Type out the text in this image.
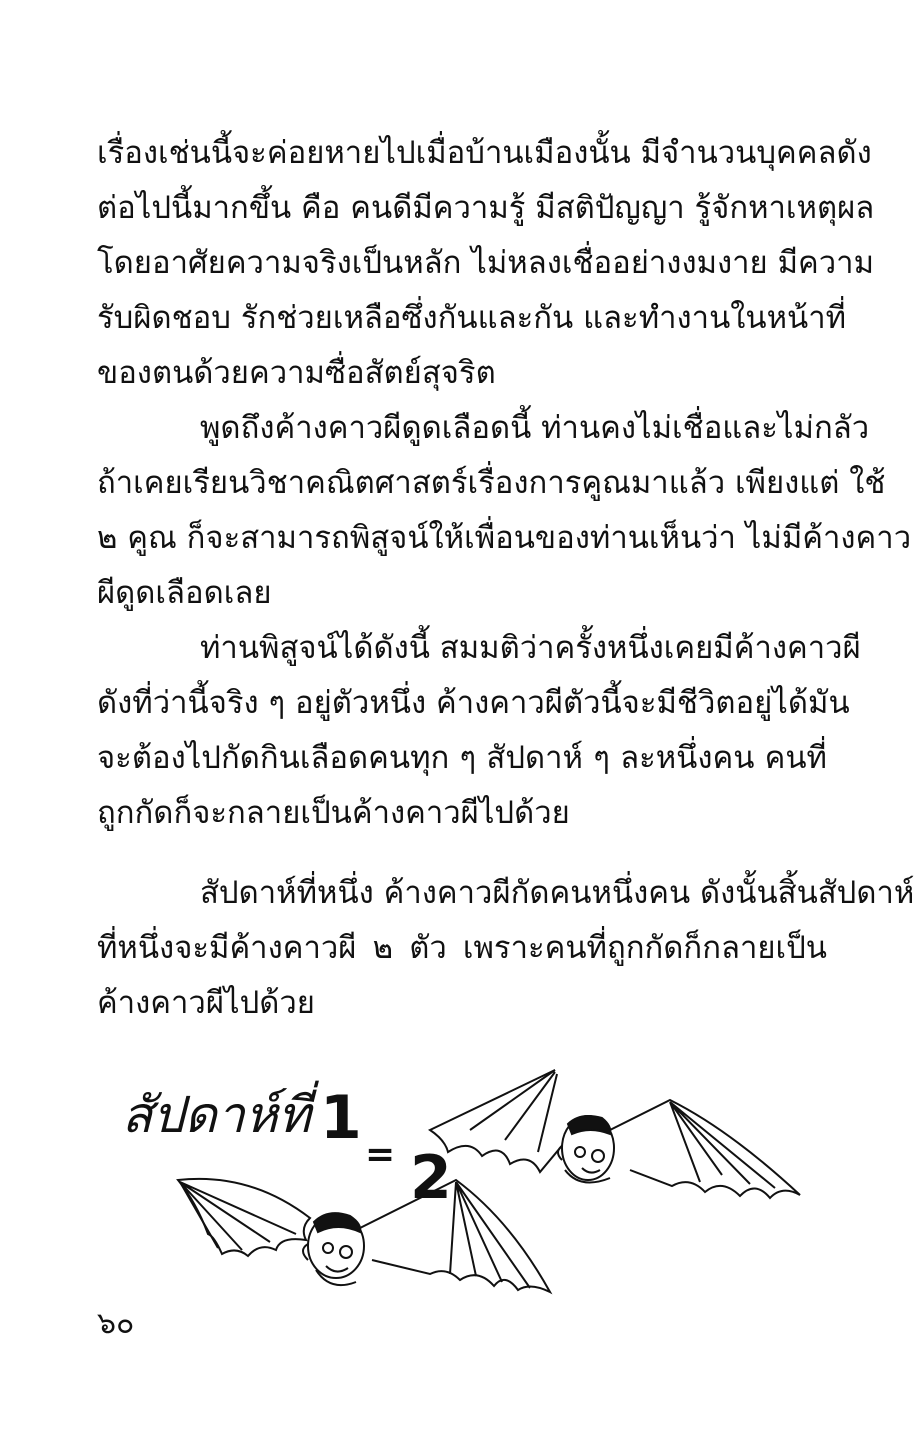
เรื่องเช่นนี้จะค่อยหายไปเมื่อบ้านเมืองนั้น มีจำนวนบุคคลดัง
ต่อไปนี้มากขึ้น คือ คนดีมีความรู้ มีสติปัญญา รู้จักหาเหตุผล
โดยอาศัยความจริงเป็นหลัก ไม่หลงเชื่ออย่างงมงาย มีความ
รับผิดชอบ รักช่วยเหลือซึ่งกันและกัน และทำงานในหน้าที่
ของตนด้วยความซื่อสัตย์สุจริต
พูดถึงค้างคาวผีดูดเลือดนี้ ท่านคงไม่เชื่อและไม่กลัว
ถ้าเคยเรียนวิชาคณิตศาสตร์เรื่องการคูณมาแล้ว เพียงแต่ ใช้
๒ คูณ ก็จะสามารถพิสูจน์ให้เพื่อนของท่านเห็นว่า ไม่มีค้างคาว
ผีดูดเลือดเลย
ท่านพิสูจน์ได้ดังนี้ สมมติว่าครั้งหนึ่งเคยมีค้างคาวผี
ดังที่ว่านี้จริง ๆ อยู่ตัวหนึ่ง ค้างคาวผีตัวนี้จะมีชีวิตอยู่ได้มัน
จะต้องไปกัดกินเลือดคนทุก ๆ สัปดาห์ ๆ ละหนึ่งคน คนที่
ถูกกัดก็จะกลายเป็นค้างคาวผีไปด้วย
สัปดาห์ที่หนึ่ง ค้างคาวผีกัดคนหนึ่งคน ดังนั้นสิ้นสัปดาห์
ที่หนึ่งจะมีค้างคาวผี ๒ ตัว เพราะคนที่ถูกกัดก็กลายเป็น
ค้างคาวผีไปด้วย
สัปดาห์ที่ 1
= 2
๖๐
